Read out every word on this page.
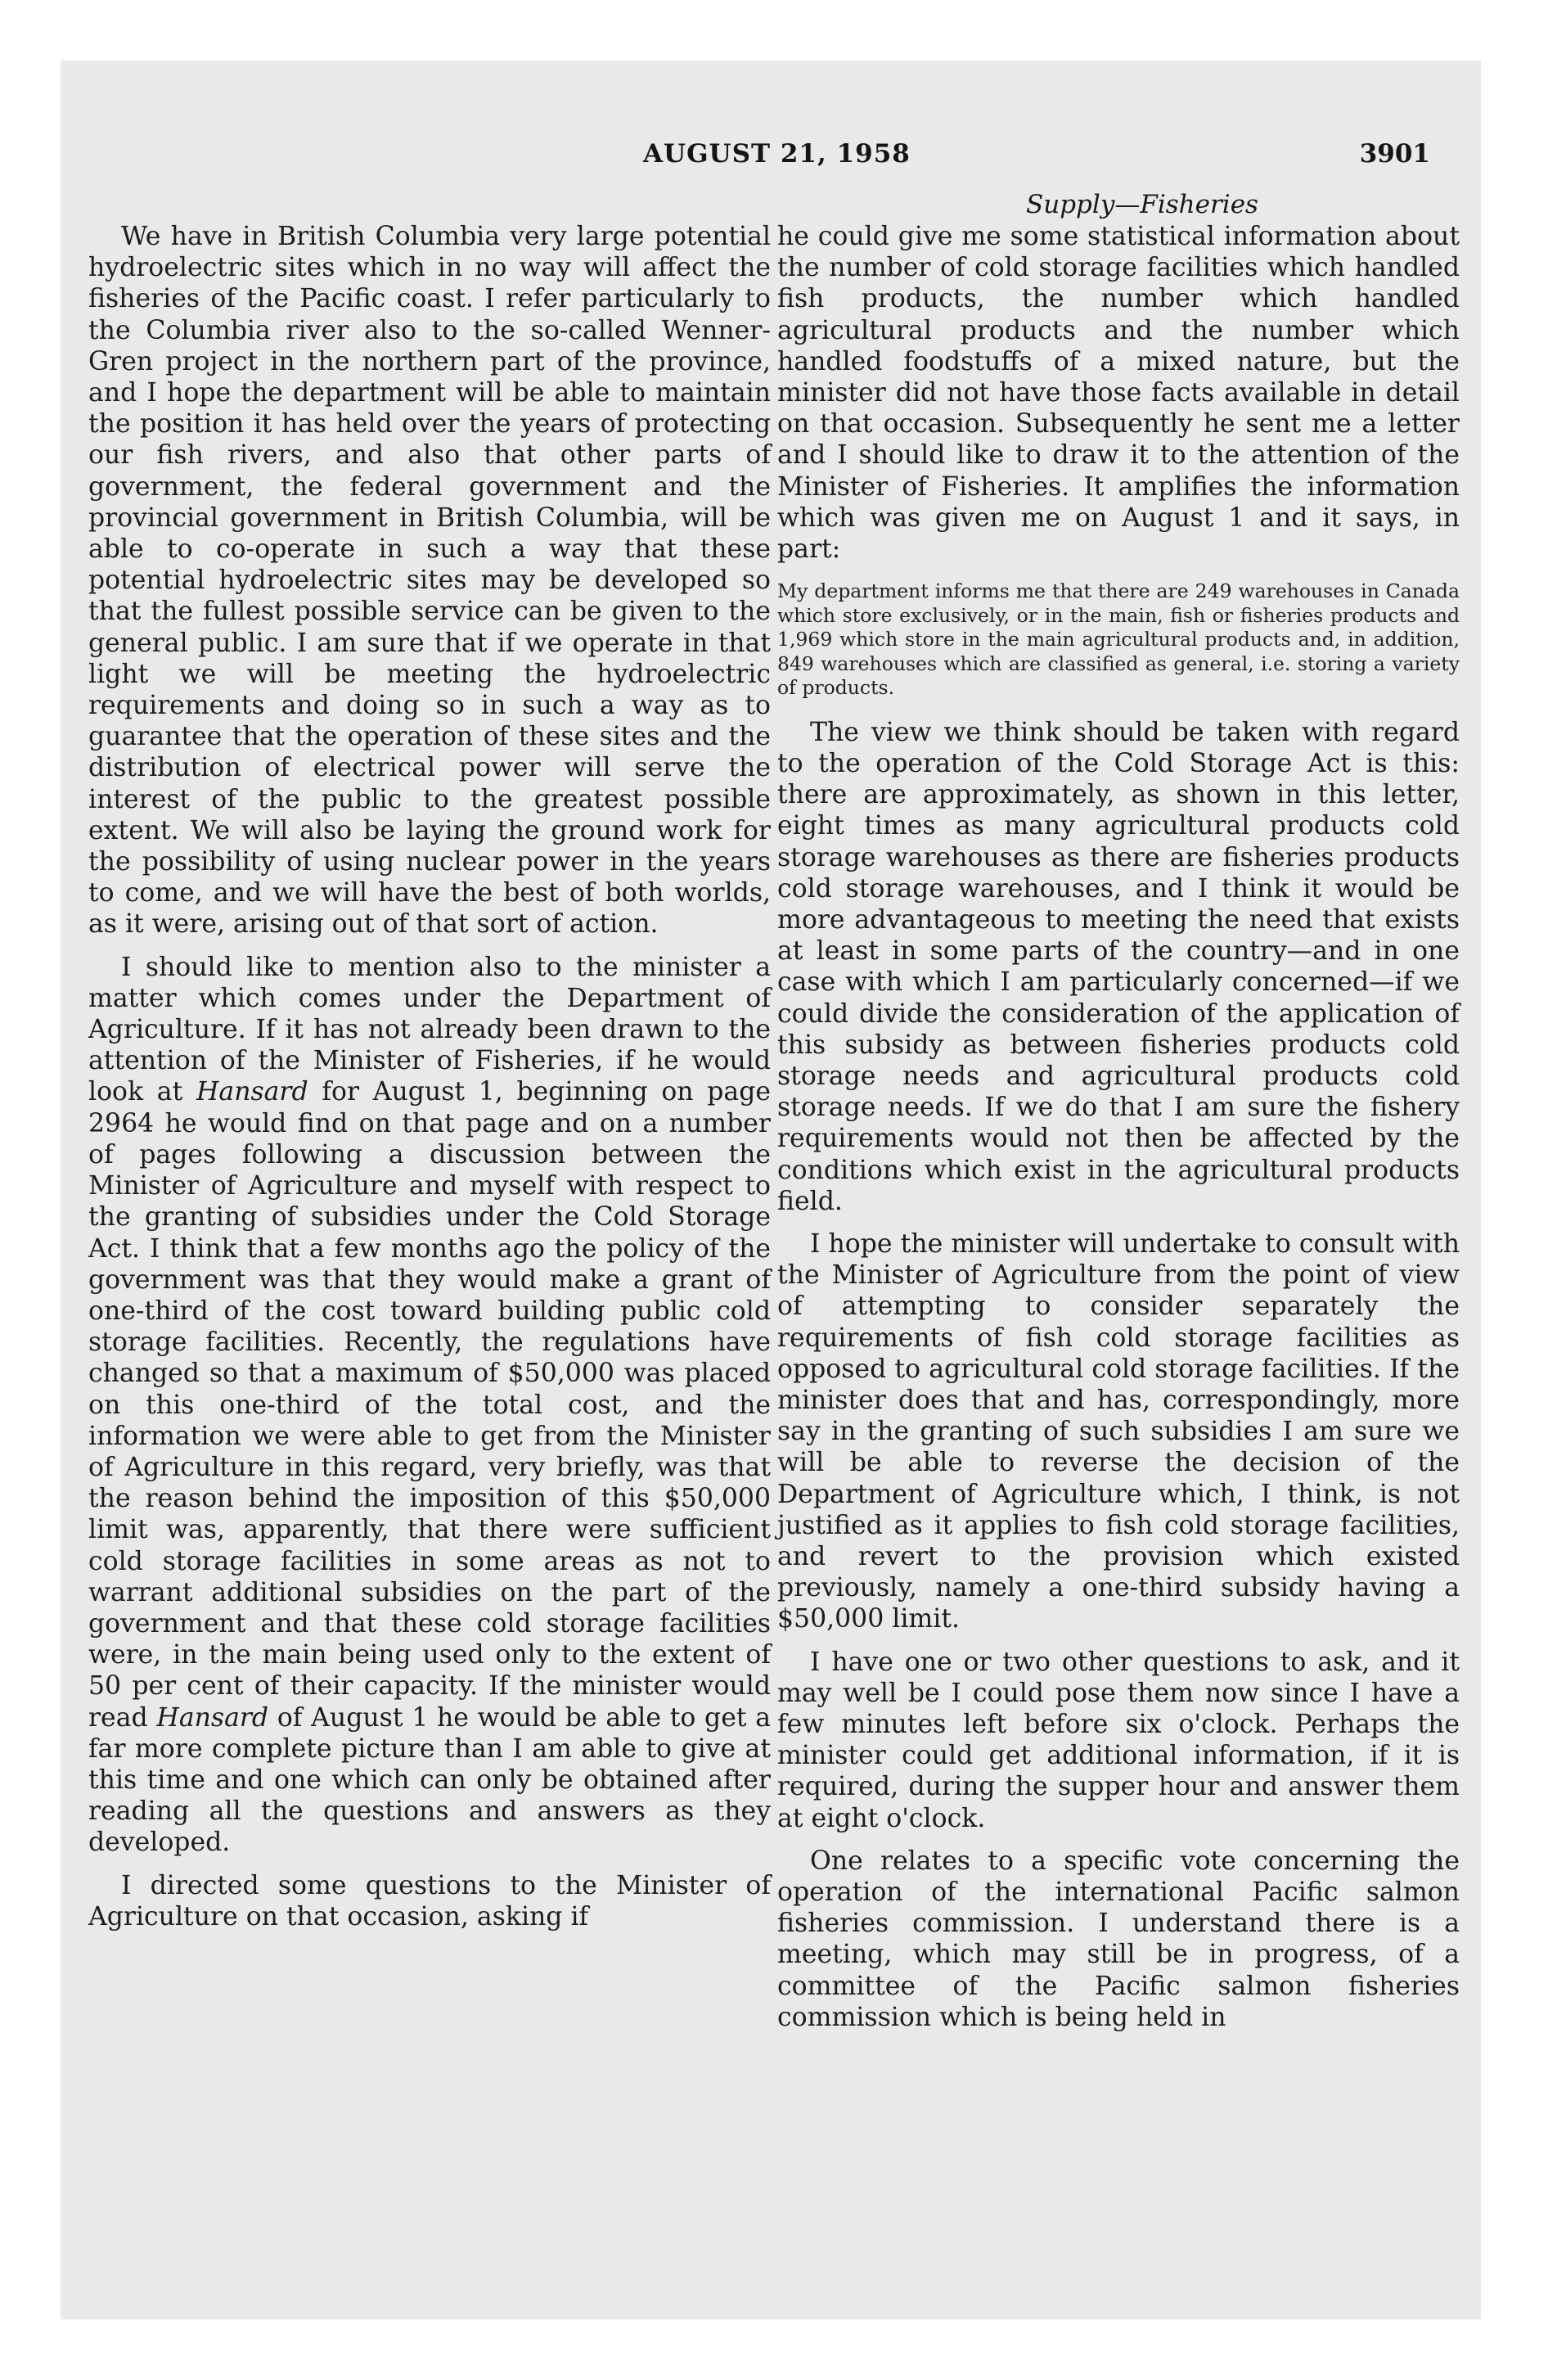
AUGUST 21, 1958	3901
Supply—Fisheries

We have in British Columbia very large potential hydroelectric sites which in no way will affect the fisheries of the Pacific coast. I refer particularly to the Columbia river also to the so-called Wenner-Gren project in the northern part of the province, and I hope the department will be able to maintain the position it has held over the years of protecting our fish rivers, and also that other parts of government, the federal government and the provincial government in British Columbia, will be able to co-operate in such a way that these potential hydroelectric sites may be developed so that the fullest possible service can be given to the general public. I am sure that if we operate in that light we will be meeting the hydroelectric requirements and doing so in such a way as to guarantee that the operation of these sites and the distribution of electrical power will serve the interest of the public to the greatest possible extent. We will also be laying the ground work for the possibility of using nuclear power in the years to come, and we will have the best of both worlds, as it were, arising out of that sort of action.

I should like to mention also to the minister a matter which comes under the Department of Agriculture. If it has not already been drawn to the attention of the Minister of Fisheries, if he would look at Hansard for August 1, beginning on page 2964 he would find on that page and on a number of pages following a discussion between the Minister of Agriculture and myself with respect to the granting of subsidies under the Cold Storage Act. I think that a few months ago the policy of the government was that they would make a grant of one-third of the cost toward building public cold storage facilities. Recently, the regulations have changed so that a maximum of $50,000 was placed on this one-third of the total cost, and the information we were able to get from the Minister of Agriculture in this regard, very briefly, was that the reason behind the imposition of this $50,000 limit was, apparently, that there were sufficient cold storage facilities in some areas as not to warrant additional subsidies on the part of the government and that these cold storage facilities were, in the main being used only to the extent of 50 per cent of their capacity. If the minister would read Hansard of August 1 he would be able to get a far more complete picture than I am able to give at this time and one which can only be obtained after reading all the questions and answers as they developed.

I directed some questions to the Minister of Agriculture on that occasion, asking if

he could give me some statistical information about the number of cold storage facilities which handled fish products, the number which handled agricultural products and the number which handled foodstuffs of a mixed nature, but the minister did not have those facts available in detail on that occasion. Subsequently he sent me a letter and I should like to draw it to the attention of the Minister of Fisheries. It amplifies the information which was given me on August 1 and it says, in part:

My department informs me that there are 249 warehouses in Canada which store exclusively, or in the main, fish or fisheries products and 1,969 which store in the main agricultural products and, in addition, 849 warehouses which are classified as general, i.e. storing a variety of products.

The view we think should be taken with regard to the operation of the Cold Storage Act is this: there are approximately, as shown in this letter, eight times as many agricultural products cold storage warehouses as there are fisheries products cold storage warehouses, and I think it would be more advantageous to meeting the need that exists at least in some parts of the country—and in one case with which I am particularly concerned—if we could divide the consideration of the application of this subsidy as between fisheries products cold storage needs and agricultural products cold storage needs. If we do that I am sure the fishery requirements would not then be affected by the conditions which exist in the agricultural products field.

I hope the minister will undertake to consult with the Minister of Agriculture from the point of view of attempting to consider separately the requirements of fish cold storage facilities as opposed to agricultural cold storage facilities. If the minister does that and has, correspondingly, more say in the granting of such subsidies I am sure we will be able to reverse the decision of the Department of Agriculture which, I think, is not justified as it applies to fish cold storage facilities, and revert to the provision which existed previously, namely a one-third subsidy having a $50,000 limit.

I have one or two other questions to ask, and it may well be I could pose them now since I have a few minutes left before six o'clock. Perhaps the minister could get additional information, if it is required, during the supper hour and answer them at eight o'clock.

One relates to a specific vote concerning the operation of the international Pacific salmon fisheries commission. I understand there is a meeting, which may still be in progress, of a committee of the Pacific salmon fisheries commission which is being held in
